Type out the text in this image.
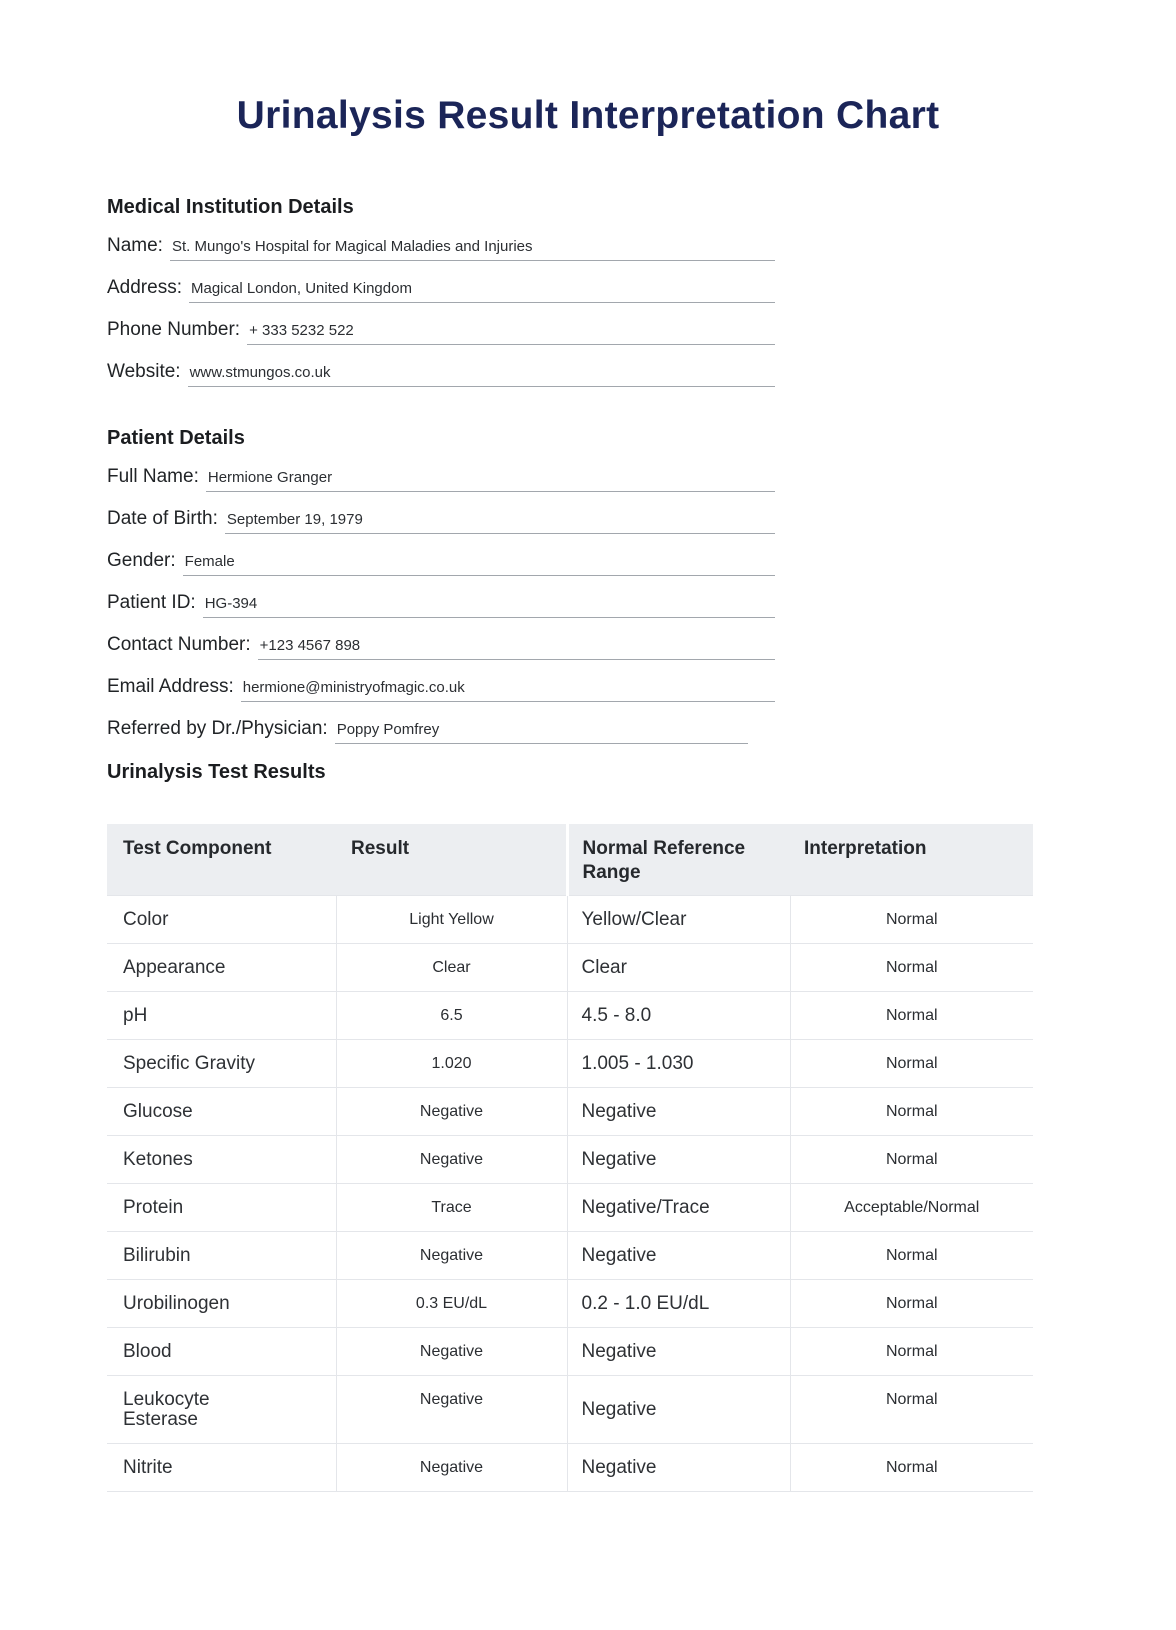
Urinalysis Result Interpretation Chart
Medical Institution Details
Name: St. Mungo's Hospital for Magical Maladies and Injuries
Address: Magical London, United Kingdom
Phone Number: + 333 5232 522
Website: www.stmungos.co.uk
Patient Details
Full Name: Hermione Granger
Date of Birth: September 19, 1979
Gender: Female
Patient ID: HG-394
Contact Number: +123 4567 898
Email Address: hermione@ministryofmagic.co.uk
Referred by Dr./Physician: Poppy Pomfrey
Urinalysis Test Results
Test Component	Result	Normal Reference Range	Interpretation
Color	Light Yellow	Yellow/Clear	Normal
Appearance	Clear	Clear	Normal
pH	6.5	4.5 - 8.0	Normal
Specific Gravity	1.020	1.005 - 1.030	Normal
Glucose	Negative	Negative	Normal
Ketones	Negative	Negative	Normal
Protein	Trace	Negative/Trace	Acceptable/Normal
Bilirubin	Negative	Negative	Normal
Urobilinogen	0.3 EU/dL	0.2 - 1.0 EU/dL	Normal
Blood	Negative	Negative	Normal
Leukocyte Esterase	Negative	Negative	Normal
Nitrite	Negative	Negative	Normal
